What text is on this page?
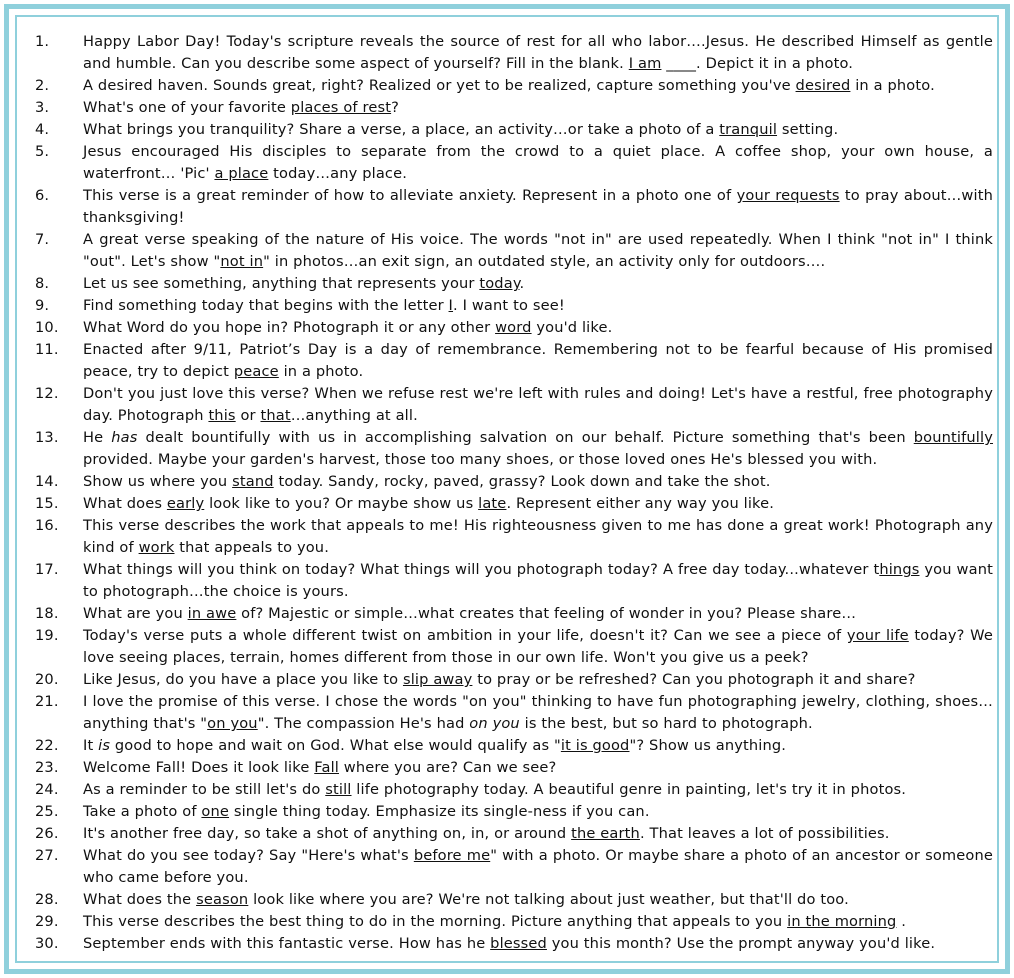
1.	Happy Labor Day! Today's scripture reveals the source of rest for all who labor….Jesus. He described Himself as gentle and humble. Can you describe some aspect of yourself? Fill in the blank. I am ____. Depict it in a photo.
2.	A desired haven. Sounds great, right? Realized or yet to be realized, capture something you've desired in a photo.
3.	What's one of your favorite places of rest?
4.	What brings you tranquility? Share a verse, a place, an activity…or take a photo of a tranquil setting.
5.	Jesus encouraged His disciples to separate from the crowd to a quiet place. A coffee shop, your own house, a waterfront… 'Pic' a place today…any place.
6.	This verse is a great reminder of how to alleviate anxiety. Represent in a photo one of your requests to pray about…with thanksgiving!
7.	A great verse speaking of the nature of His voice. The words "not in" are used repeatedly. When I think "not in" I think "out". Let's show "not in" in photos…an exit sign, an outdated style, an activity only for outdoors….
8.	Let us see something, anything that represents your today.
9.	Find something today that begins with the letter I. I want to see!
10.	What Word do you hope in? Photograph it or any other word you'd like.
11.	Enacted after 9/11, Patriot’s Day is a day of remembrance. Remembering not to be fearful because of His promised peace, try to depict peace in a photo.
12.	Don't you just love this verse? When we refuse rest we're left with rules and doing! Let's have a restful, free photography day. Photograph this or that…anything at all.
13.	He has dealt bountifully with us in accomplishing salvation on our behalf. Picture something that's been bountifully provided. Maybe your garden's harvest, those too many shoes, or those loved ones He's blessed you with.
14.	Show us where you stand today. Sandy, rocky, paved, grassy? Look down and take the shot.
15.	What does early look like to you? Or maybe show us late. Represent either any way you like.
16.	This verse describes the work that appeals to me! His righteousness given to me has done a great work! Photograph any kind of work that appeals to you.
17.	What things will you think on today? What things will you photograph today? A free day today...whatever things you want to photograph…the choice is yours.
18.	What are you in awe of? Majestic or simple…what creates that feeling of wonder in you? Please share…
19.	Today's verse puts a whole different twist on ambition in your life, doesn't it? Can we see a piece of your life today? We love seeing places, terrain, homes different from those in our own life. Won't you give us a peek?
20.	Like Jesus, do you have a place you like to slip away to pray or be refreshed? Can you photograph it and share?
21.	I love the promise of this verse. I chose the words "on you" thinking to have fun photographing jewelry, clothing, shoes…anything that's "on you". The compassion He's had on you is the best, but so hard to photograph.
22.	It is good to hope and wait on God. What else would qualify as "it is good"? Show us anything.
23.	Welcome Fall! Does it look like Fall where you are? Can we see?
24.	As a reminder to be still let's do still life photography today. A beautiful genre in painting, let's try it in photos.
25.	Take a photo of one single thing today. Emphasize its single-ness if you can.
26.	It's another free day, so take a shot of anything on, in, or around the earth. That leaves a lot of possibilities.
27.	What do you see today? Say "Here's what's before me" with a photo. Or maybe share a photo of an ancestor or someone who came before you.
28.	What does the season look like where you are? We're not talking about just weather, but that'll do too.
29.	This verse describes the best thing to do in the morning. Picture anything that appeals to you in the morning .
30.	September ends with this fantastic verse. How has he blessed you this month? Use the prompt anyway you'd like.
